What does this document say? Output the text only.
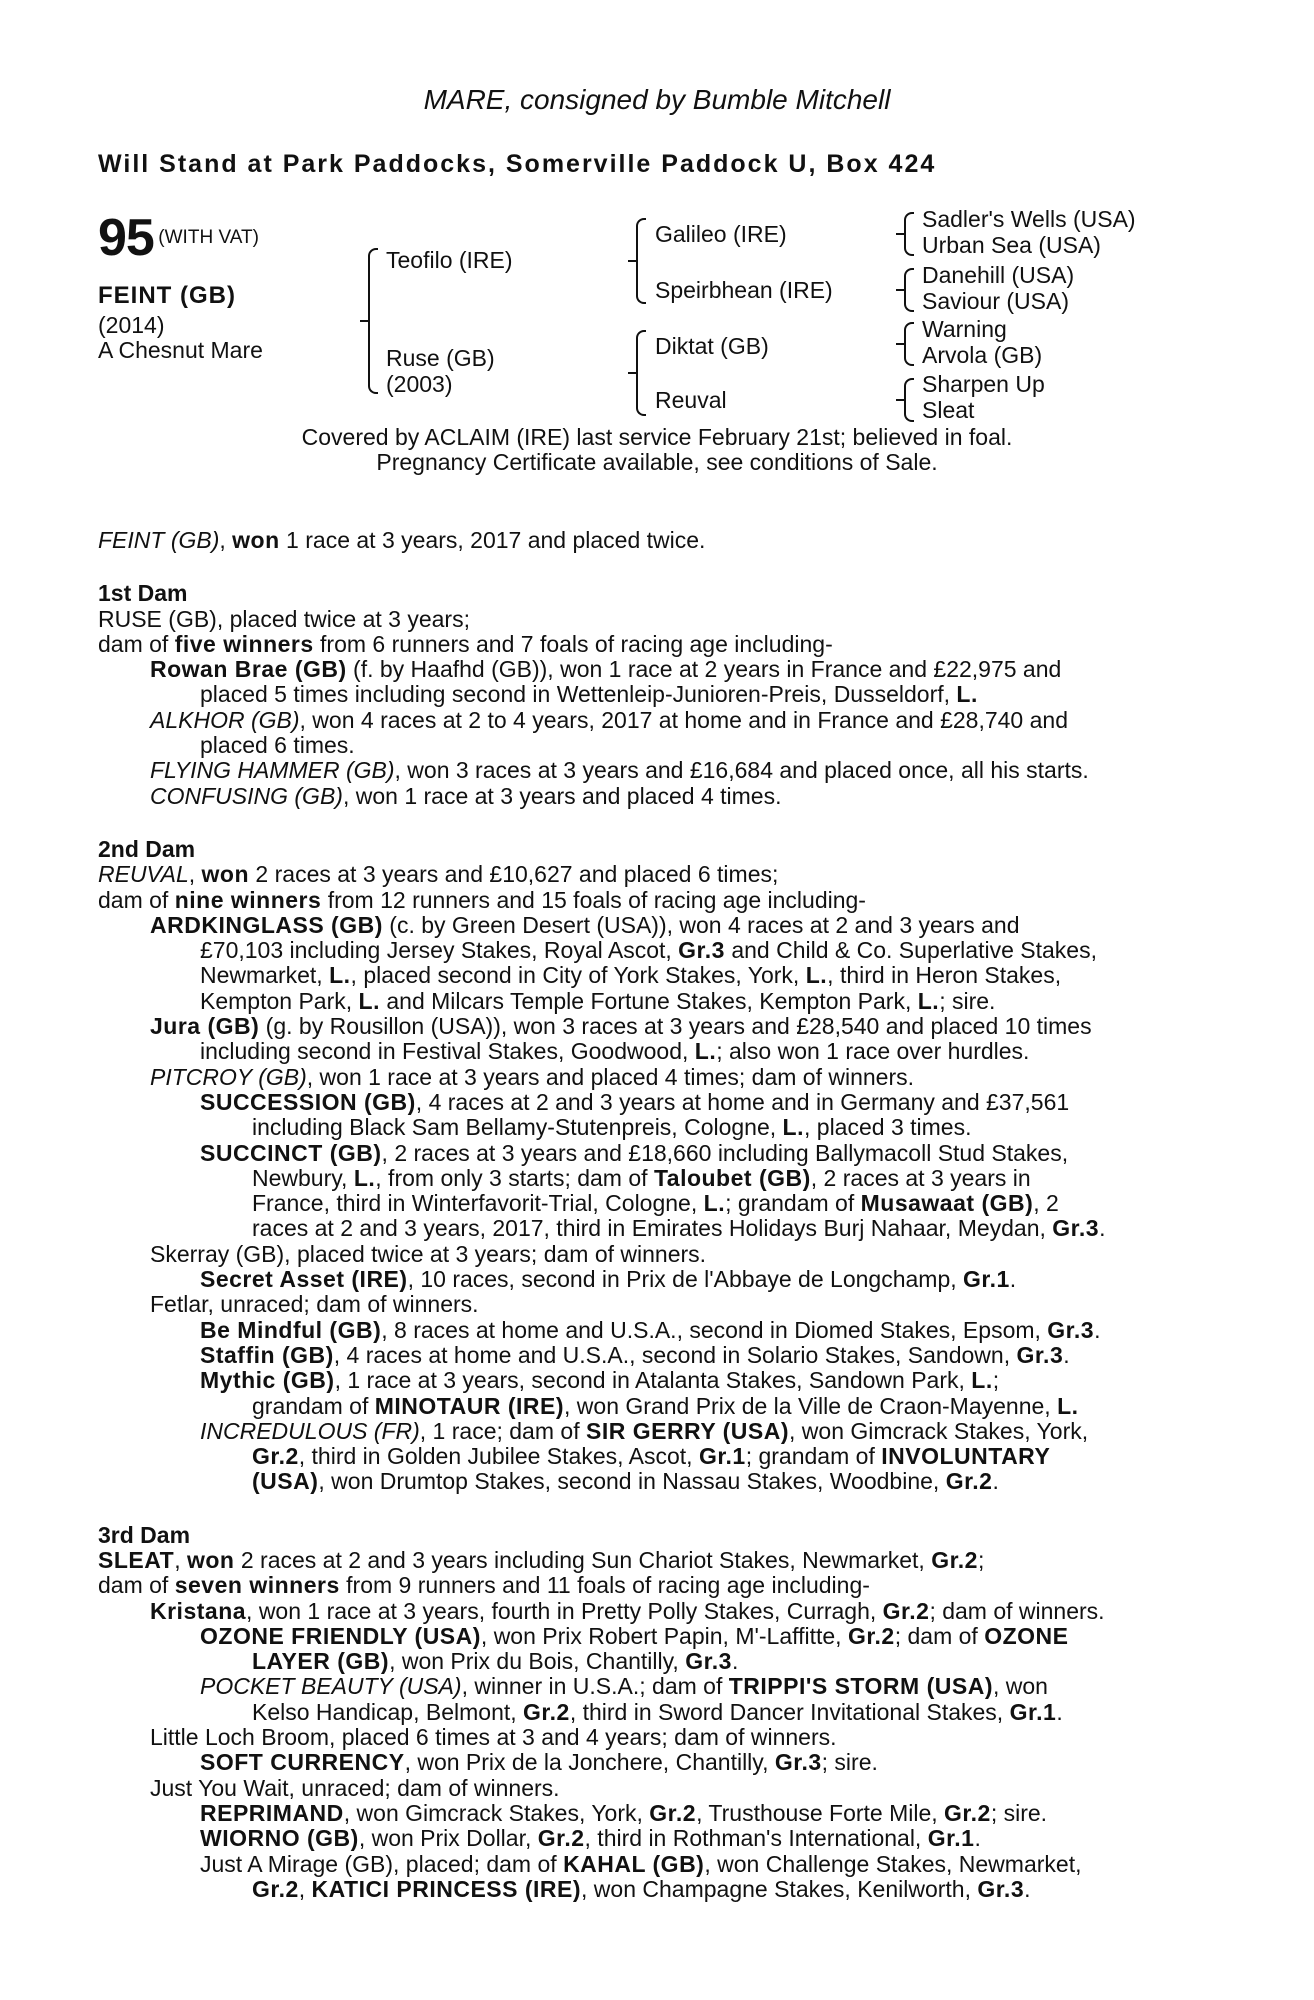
MARE, consigned by Bumble Mitchell
Will Stand at Park Paddocks, Somerville Paddock U, Box 424
95 (WITH VAT)
FEINT (GB)
(2014)
A Chesnut Mare
Teofilo (IRE)
Ruse (GB)
(2003)
Galileo (IRE)
Speirbhean (IRE)
Diktat (GB)
Reuval
Sadler's Wells (USA)
Urban Sea (USA)
Danehill (USA)
Saviour (USA)
Warning
Arvola (GB)
Sharpen Up
Sleat
Covered by ACLAIM (IRE) last service February 21st; believed in foal.
Pregnancy Certificate available, see conditions of Sale.

FEINT (GB), won 1 race at 3 years, 2017 and placed twice.

1st Dam

RUSE (GB), placed twice at 3 years;

dam of five winners from 6 runners and 7 foals of racing age including-

Rowan Brae (GB) (f. by Haafhd (GB)), won 1 race at 2 years in France and £22,975 and

placed 5 times including second in Wettenleip-Junioren-Preis, Dusseldorf, L.

ALKHOR (GB), won 4 races at 2 to 4 years, 2017 at home and in France and £28,740 and

placed 6 times.

FLYING HAMMER (GB), won 3 races at 3 years and £16,684 and placed once, all his starts.

CONFUSING (GB), won 1 race at 3 years and placed 4 times.

2nd Dam

REUVAL, won 2 races at 3 years and £10,627 and placed 6 times;

dam of nine winners from 12 runners and 15 foals of racing age including-

ARDKINGLASS (GB) (c. by Green Desert (USA)), won 4 races at 2 and 3 years and

£70,103 including Jersey Stakes, Royal Ascot, Gr.3 and Child & Co. Superlative Stakes,

Newmarket, L., placed second in City of York Stakes, York, L., third in Heron Stakes,

Kempton Park, L. and Milcars Temple Fortune Stakes, Kempton Park, L.; sire.

Jura (GB) (g. by Rousillon (USA)), won 3 races at 3 years and £28,540 and placed 10 times

including second in Festival Stakes, Goodwood, L.; also won 1 race over hurdles.

PITCROY (GB), won 1 race at 3 years and placed 4 times; dam of winners.

SUCCESSION (GB), 4 races at 2 and 3 years at home and in Germany and £37,561

including Black Sam Bellamy-Stutenpreis, Cologne, L., placed 3 times.

SUCCINCT (GB), 2 races at 3 years and £18,660 including Ballymacoll Stud Stakes,

Newbury, L., from only 3 starts; dam of Taloubet (GB), 2 races at 3 years in

France, third in Winterfavorit-Trial, Cologne, L.; grandam of Musawaat (GB), 2

races at 2 and 3 years, 2017, third in Emirates Holidays Burj Nahaar, Meydan, Gr.3.

Skerray (GB), placed twice at 3 years; dam of winners.

Secret Asset (IRE), 10 races, second in Prix de l'Abbaye de Longchamp, Gr.1.

Fetlar, unraced; dam of winners.

Be Mindful (GB), 8 races at home and U.S.A., second in Diomed Stakes, Epsom, Gr.3.

Staffin (GB), 4 races at home and U.S.A., second in Solario Stakes, Sandown, Gr.3.

Mythic (GB), 1 race at 3 years, second in Atalanta Stakes, Sandown Park, L.;

grandam of MINOTAUR (IRE), won Grand Prix de la Ville de Craon-Mayenne, L.

INCREDULOUS (FR), 1 race; dam of SIR GERRY (USA), won Gimcrack Stakes, York,

Gr.2, third in Golden Jubilee Stakes, Ascot, Gr.1; grandam of INVOLUNTARY

(USA), won Drumtop Stakes, second in Nassau Stakes, Woodbine, Gr.2.

3rd Dam

SLEAT, won 2 races at 2 and 3 years including Sun Chariot Stakes, Newmarket, Gr.2;

dam of seven winners from 9 runners and 11 foals of racing age including-

Kristana, won 1 race at 3 years, fourth in Pretty Polly Stakes, Curragh, Gr.2; dam of winners.

OZONE FRIENDLY (USA), won Prix Robert Papin, M'-Laffitte, Gr.2; dam of OZONE

LAYER (GB), won Prix du Bois, Chantilly, Gr.3.

POCKET BEAUTY (USA), winner in U.S.A.; dam of TRIPPI'S STORM (USA), won

Kelso Handicap, Belmont, Gr.2, third in Sword Dancer Invitational Stakes, Gr.1.

Little Loch Broom, placed 6 times at 3 and 4 years; dam of winners.

SOFT CURRENCY, won Prix de la Jonchere, Chantilly, Gr.3; sire.

Just You Wait, unraced; dam of winners.

REPRIMAND, won Gimcrack Stakes, York, Gr.2, Trusthouse Forte Mile, Gr.2; sire.

WIORNO (GB), won Prix Dollar, Gr.2, third in Rothman's International, Gr.1.

Just A Mirage (GB), placed; dam of KAHAL (GB), won Challenge Stakes, Newmarket,

Gr.2, KATICI PRINCESS (IRE), won Champagne Stakes, Kenilworth, Gr.3.
